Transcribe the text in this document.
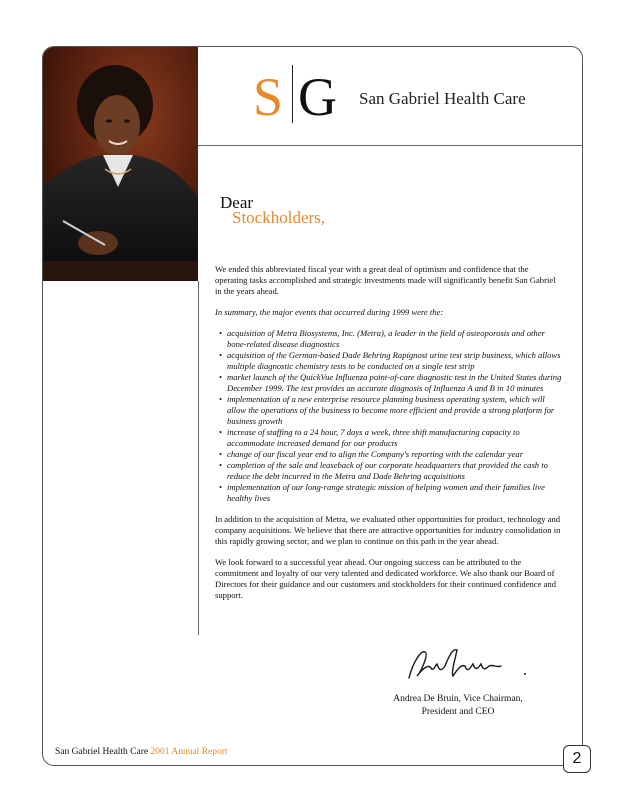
S G San Gabriel Health Care
Dear
Stockholders,

We ended this abbreviated fiscal year with a great deal of optimism and confidence that the operating tasks accomplished and strategic investments made will significantly benefit San Gabriel in the years ahead.

In summary, the major events that occurred during 1999 were the:

• acquisition of Metra Biosystems, Inc. (Metra), a leader in the field of osteoporosis and other bone-related disease diagnostics
• acquisition of the German-based Dade Behring Rapignost urine test strip business, which allows multiple diagnostic chemistry tests to be conducted on a single test strip
• market launch of the QuickVue Influenza point-of-care diagnostic test in the United States during December 1999. The test provides an accurate diagnosis of Influenza A and B in 10 minutes
• implementation of a new enterprise resource planning business operating system, which will allow the operations of the business to become more efficient and provide a strong platform for business growth
• increase of staffing to a 24 hour, 7 days a week, three shift manufacturing capacity to accommodate increased demand for our products
• change of our fiscal year end to align the Company's reporting with the calendar year
• completion of the sale and leaseback of our corporate headquarters that provided the cash to reduce the debt incurred in the Metra and Dade Behring acquisitions
• implementation of our long-range strategic mission of helping women and their families live healthy lives

In addition to the acquisition of Metra, we evaluated other opportunities for product, technology and company acquisitions. We believe that there are attractive opportunities for industry consolidation in this rapidly growing sector, and we plan to continue on this path in the year ahead.

We look forward to a successful year ahead. Our ongoing success can be attributed to the commitment and loyalty of our very talented and dedicated workforce. We also thank our Board of Directors for their guidance and our customers and stockholders for their continued confidence and support.

Andrea De Bruin, Vice Chairman,
President and CEO
San Gabriel Health Care 2001 Annual Report	2
